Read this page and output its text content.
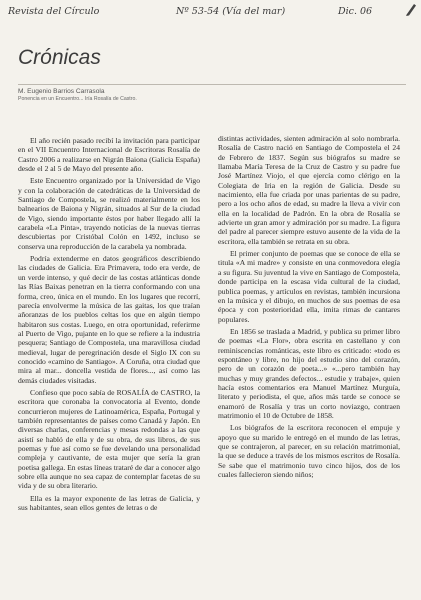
Revista del Círculo	Nº 53-54 (Vía del mar)	Dic. 06
Crónicas
M. Eugenio Barrios Carrasola
Ponencia en un Encuentro... Iría Rosalía de Castro.

El año recién pasado recibí la invitación para participar en el VII Encuentro Internacional de Escritoras Rosalía de Castro 2006 a realizarse en Nigrán Baiona (Galicia España) desde el 2 al 5 de Mayo del presente año.

Este Encuentro organizado por la Universidad de Vigo y con la colaboración de catedráticas de la Universidad de Santiago de Compostela, se realizó materialmente en los balnearios de Baiona y Nigrán, situados al Sur de la ciudad de Vigo, siendo importante éstos por haber llegado allí la carabela «La Pinta», trayendo noticias de la nuevas tierras descubiertas por Cristóbal Colón en 1492, incluso se conserva una reproducción de la carabela ya nombrada.

Podría extenderme en datos geográficos describiendo las ciudades de Galicia. Era Primavera, todo era verde, de un verde intenso, y qué decir de las costas atlánticas donde las Rías Baixas penetran en la tierra conformando con una forma, creo, única en el mundo. En los lugares que recorrí, parecía envolverme la música de las gaitas, los que traían añoranzas de los pueblos celtas los que en algún tiempo habitaron sus costas. Luego, en otra oportunidad, referirme al Puerto de Vigo, pujante en lo que se refiere a la industria pesquera; Santiago de Compostela, una maravillosa ciudad medieval, lugar de peregrinación desde el Siglo IX con su conocido «camino de Santiago». A Coruña, otra ciudad que mira al mar... doncella vestida de flores..., así como las demás ciudades visitadas.

Confieso que poco sabía de ROSALÍA de CASTRO, la escritora que coronaba la convocatoria al Evento, donde concurrieron mujeres de Latinoamérica, España, Portugal y también representantes de países como Canadá y Japón. En diversas charlas, conferencias y mesas redondas a las que asistí se habló de ella y de su obra, de sus libros, de sus poemas y fue así como se fue develando una personalidad compleja y cautivante, de esta mujer que sería la gran poetisa gallega. En estas líneas trataré de dar a conocer algo sobre ella aunque no sea capaz de contemplar facetas de su vida y de su obra literario.

Ella es la mayor exponente de las letras de Galicia, y sus habitantes, sean ellos gentes de letras o de

distintas actividades, sienten admiración al solo nombrarla. Rosalía de Castro nació en Santiago de Compostela el 24 de Febrero de 1837. Según sus biógrafos su madre se llamaba María Teresa de la Cruz de Castro y su padre fue José Martínez Viojo, el que ejercía como clérigo en la Colegiata de Iria en la región de Galicia. Desde su nacimiento, ella fue criada por unas parientas de su padre, pero a los ocho años de edad, su madre la lleva a vivir con ella en la localidad de Padrón. En la obra de Rosalía se advierte un gran amor y admiración por su madre. La figura del padre al parecer siempre estuvo ausente de la vida de la escritora, ella también se retrata en su obra.

El primer conjunto de poemas que se conoce de ella se titula «A mi madre» y consiste en una conmovedora elegía a su figura. Su juventud la vive en Santiago de Compostela, donde participa en la escasa vida cultural de la ciudad, publica poemas, y artículos en revistas, también incursiona en la música y el dibujo, en muchos de sus poemas de esa época y con posterioridad ella, imita rimas de cantares populares.

En 1856 se traslada a Madrid, y publica su primer libro de poemas «La Flor», obra escrita en castellano y con reminiscencias románticas, este libro es criticado: «todo es espontáneo y libre, no hijo del estudio sino del corazón, pero de un corazón de poeta...» «...pero también hay muchas y muy grandes defectos... estudie y trabaje», quien hacía estos comentarios era Manuel Martínez Murguía, literato y periodista, el que, años más tarde se conoce se enamoró de Rosalía y tras un corto noviazgo, contraen matrimonio el 10 de Octubre de 1858.

Los biógrafos de la escritora reconocen el empuje y apoyo que su marido le entregó en el mundo de las letras, que se contrajeron, al parecer, en su relación matrimonial, la que se deduce a través de los mismos escritos de Rosalía. Se sabe que el matrimonio tuvo cinco hijos, dos de los cuales fallecieron siendo niños;
